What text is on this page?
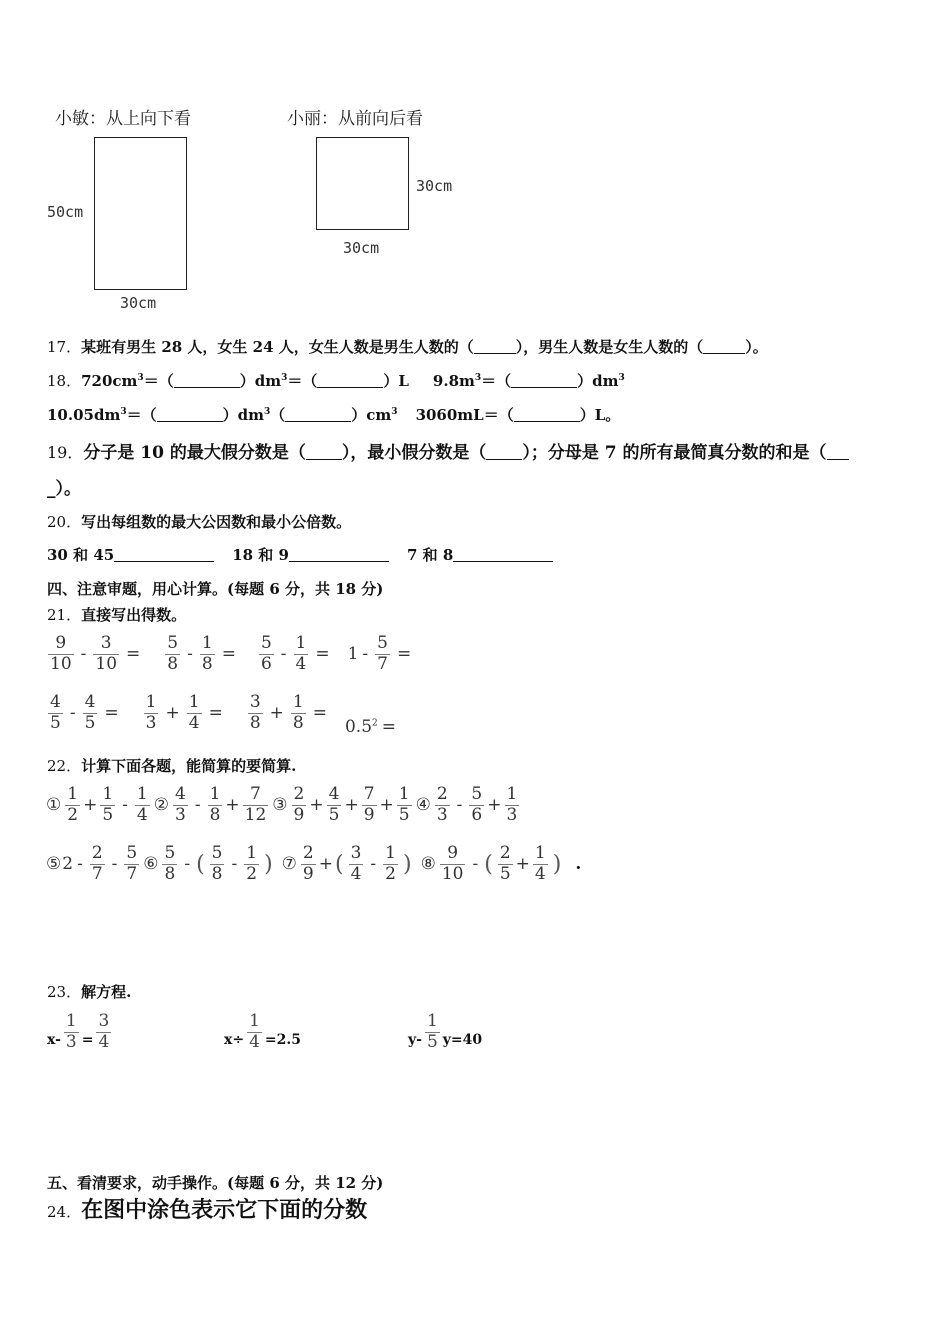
小敏：从上向下看	小丽：从前向后看
50cm
30cm
30cm
30cm
17．某班有男生 28 人，女生 24 人，女生人数是男生人数的（	），男生人数是女生人数的（	）。
18．$720cm^3=$（	）$dm^3=$（	）L $9.8m^3=$（	）$dm^3$
$10.05dm^3=$（	）$dm^3$（	）$cm^3$ 3060mL＝（	）L。
19．分子是 10 的最大假分数是（ ），最小假分数是（ ）；分母是 7 的所有最简真分数的和是（
_）。
20．写出每组数的最大公因数和最小公倍数。
30 和 45	18 和 9	7 和 8
四、注意审题，用心计算。(每题 6 分，共 18 分)
21．直接写出得数。
$\frac{9}{10} - \frac{3}{10} = \frac{5}{8} - \frac{1}{8} = \frac{5}{6} - \frac{1}{4} = 1 - \frac{5}{7}$ =
$\frac{4}{5} - \frac{4}{5} = \frac{1}{3} + \frac{1}{4} = \frac{3}{8} + \frac{1}{8}$ =
$0.5^2$ =
22．计算下面各题，能简算的要简算.
① $\frac{1}{2} + \frac{1}{5} - \frac{1}{4}$ ② $\frac{4}{3} - \frac{1}{8} + \frac{7}{12}$ ③ $\frac{2}{9} + \frac{4}{5} + \frac{7}{9} + \frac{1}{5}$ ④ $\frac{2}{3} - \frac{5}{6} + \frac{1}{3}$
⑤ $2 - \frac{2}{7} - \frac{5}{7}$ ⑥ $\frac{5}{8}$ - ( $\frac{5}{8} - \frac{1}{2}$ ) ⑦ $\frac{2}{9}$ + ( $\frac{3}{4} - \frac{1}{2}$ ) ⑧ $\frac{9}{10}$ - ( $\frac{2}{5} + \frac{1}{4}$ ) .
23．解方程.
$x- \frac{1}{3} = \frac{3}{4}$	$x\div \frac{1}{4} =2.5$	$y- \frac{1}{5} y=40$
五、看清要求，动手操作。(每题 6 分，共 12 分)
24．在图中涂色表示它下面的分数
